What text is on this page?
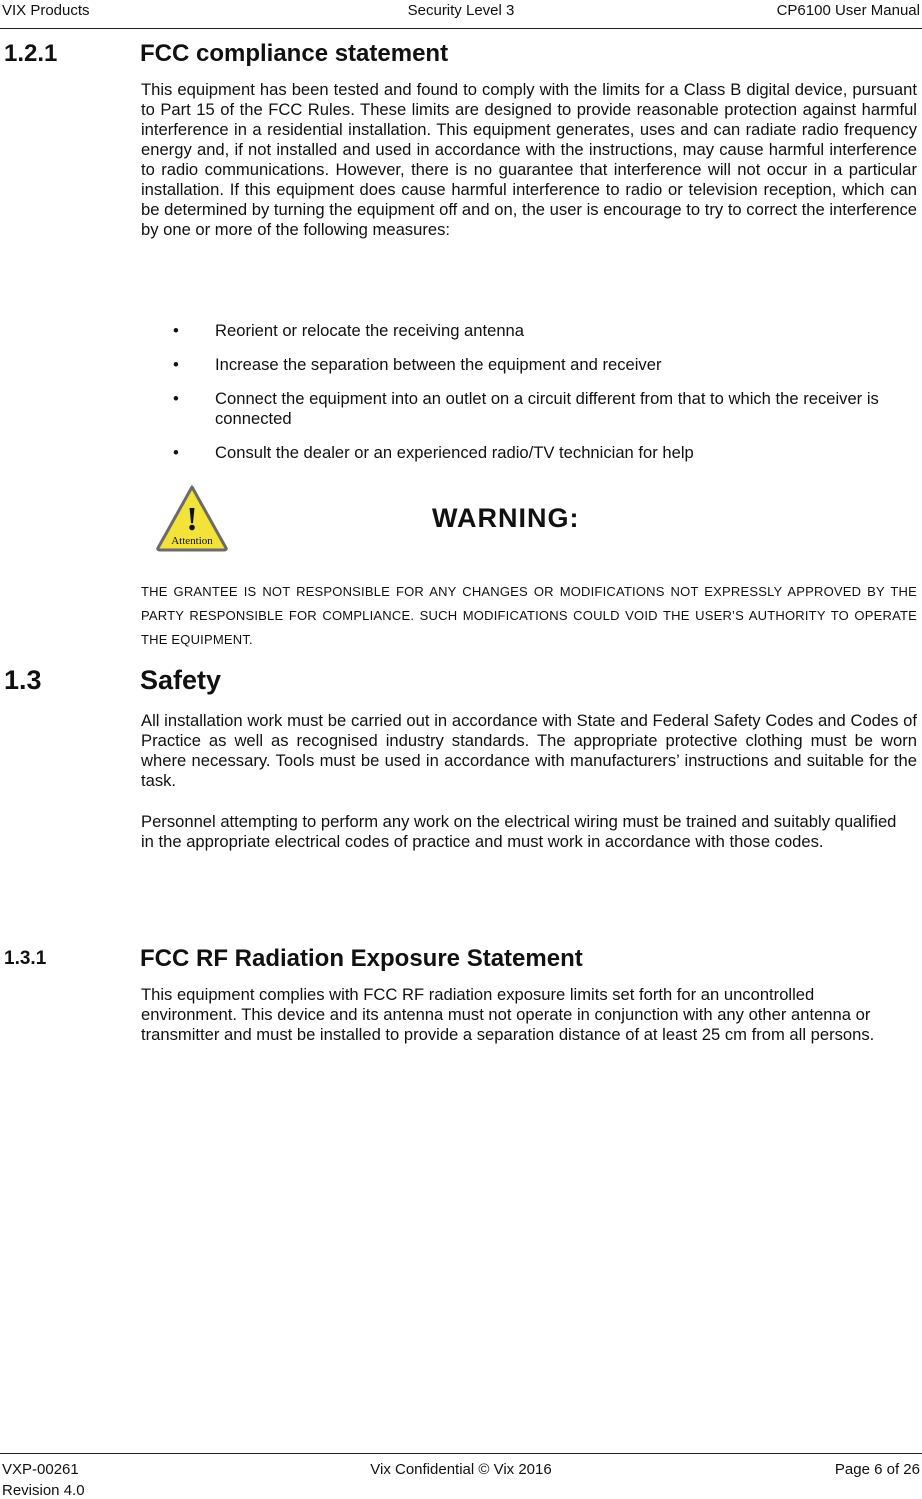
VIX Products	Security Level 3	CP6100 User Manual
1.2.1	FCC compliance statement

This equipment has been tested and found to comply with the limits for a Class B digital device, pursuant to Part 15 of the FCC Rules. These limits are designed to provide reasonable protection against harmful interference in a residential installation. This equipment generates, uses and can radiate radio frequency energy and, if not installed and used in accordance with the instructions, may cause harmful interference to radio communications. However, there is no guarantee that interference will not occur in a particular installation. If this equipment does cause harmful interference to radio or television reception, which can be determined by turning the equipment off and on, the user is encourage to try to correct the interference by one or more of the following measures:

• Reorient or relocate the receiving antenna
• Increase the separation between the equipment and receiver
• Connect the equipment into an outlet on a circuit different from that to which the receiver is connected
• Consult the dealer or an experienced radio/TV technician for help
!
Attention
WARNING:

THE GRANTEE IS NOT RESPONSIBLE FOR ANY CHANGES OR MODIFICATIONS NOT EXPRESSLY APPROVED BY THE PARTY RESPONSIBLE FOR COMPLIANCE. SUCH MODIFICATIONS COULD VOID THE USER’S AUTHORITY TO OPERATE THE EQUIPMENT.

1.3	Safety

All installation work must be carried out in accordance with State and Federal Safety Codes and Codes of Practice as well as recognised industry standards. The appropriate protective clothing must be worn where necessary. Tools must be used in accordance with manufacturers’ instructions and suitable for the task.

Personnel attempting to perform any work on the electrical wiring must be trained and suitably qualified in the appropriate electrical codes of practice and must work in accordance with those codes.

1.3.1	FCC RF Radiation Exposure Statement

This equipment complies with FCC RF radiation exposure limits set forth for an uncontrolled environment. This device and its antenna must not operate in conjunction with any other antenna or transmitter and must be installed to provide a separation distance of at least 25 cm from all persons.

VXP-00261
Revision 4.0
Vix Confidential © Vix 2016	Page 6 of 26
